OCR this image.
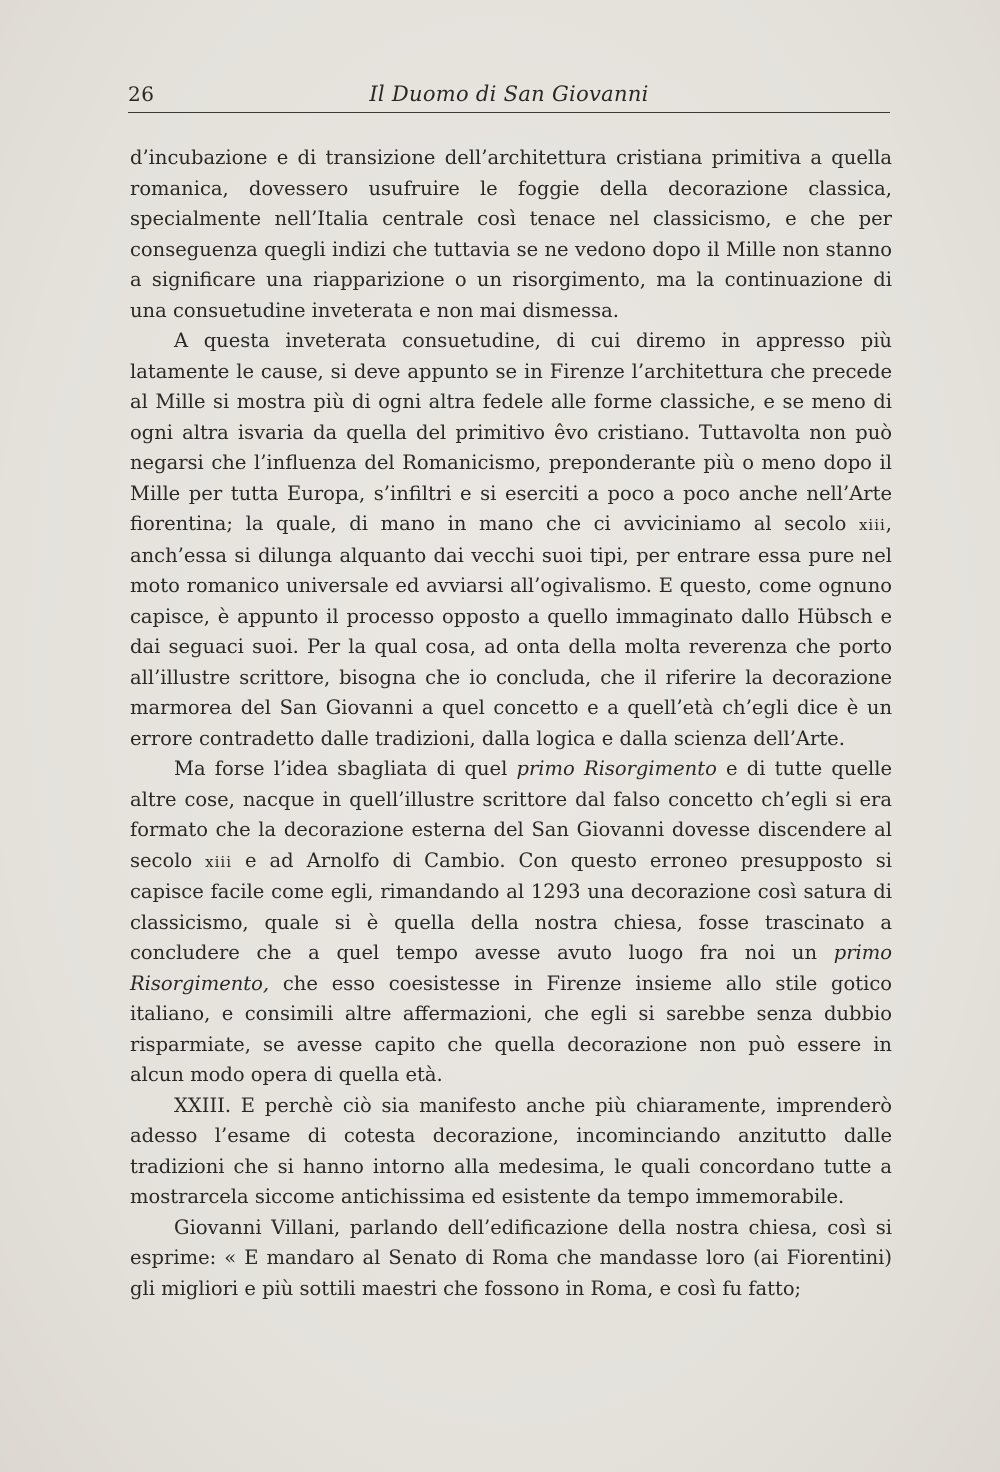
26	Il Duomo di San Giovanni

d’incubazione e di transizione dell’architettura cristiana primitiva a quella romanica, dovessero usufruire le foggie della decorazione classica, specialmente nell’Italia centrale così tenace nel classicismo, e che per conseguenza quegli indizi che tuttavia se ne vedono dopo il Mille non stanno a significare una riapparizione o un risorgimento, ma la continuazione di una consuetudine inveterata e non mai dismessa.

A questa inveterata consuetudine, di cui diremo in appresso più latamente le cause, si deve appunto se in Firenze l’architettura che precede al Mille si mostra più di ogni altra fedele alle forme classiche, e se meno di ogni altra isvaria da quella del primitivo êvo cristiano. Tuttavolta non può negarsi che l’influenza del Romanicismo, preponderante più o meno dopo il Mille per tutta Europa, s’infiltri e si eserciti a poco a poco anche nell’Arte fiorentina; la quale, di mano in mano che ci avviciniamo al secolo xiii, anch’essa si dilunga alquanto dai vecchi suoi tipi, per entrare essa pure nel moto romanico universale ed avviarsi all’ogivalismo. E questo, come ognuno capisce, è appunto il processo opposto a quello immaginato dallo Hübsch e dai seguaci suoi. Per la qual cosa, ad onta della molta reverenza che porto all’illustre scrittore, bisogna che io concluda, che il riferire la decorazione marmorea del San Giovanni a quel concetto e a quell’età ch’egli dice è un errore contradetto dalle tradizioni, dalla logica e dalla scienza dell’Arte.

Ma forse l’idea sbagliata di quel primo Risorgimento e di tutte quelle altre cose, nacque in quell’illustre scrittore dal falso concetto ch’egli si era formato che la decorazione esterna del San Giovanni dovesse discendere al secolo xiii e ad Arnolfo di Cambio. Con questo erroneo presupposto si capisce facile come egli, rimandando al 1293 una decorazione così satura di classicismo, quale si è quella della nostra chiesa, fosse trascinato a concludere che a quel tempo avesse avuto luogo fra noi un primo Risorgimento, che esso coesistesse in Firenze insieme allo stile gotico italiano, e consimili altre affermazioni, che egli si sarebbe senza dubbio risparmiate, se avesse capito che quella decorazione non può essere in alcun modo opera di quella età.

XXIII. E perchè ciò sia manifesto anche più chiaramente, imprenderò adesso l’esame di cotesta decorazione, incominciando anzitutto dalle tradizioni che si hanno intorno alla medesima, le quali concordano tutte a mostrarcela siccome antichissima ed esistente da tempo immemorabile.

Giovanni Villani, parlando dell’edificazione della nostra chiesa, così si esprime: « E mandaro al Senato di Roma che mandasse loro (ai Fiorentini) gli migliori e più sottili maestri che fossono in Roma, e così fu fatto;
